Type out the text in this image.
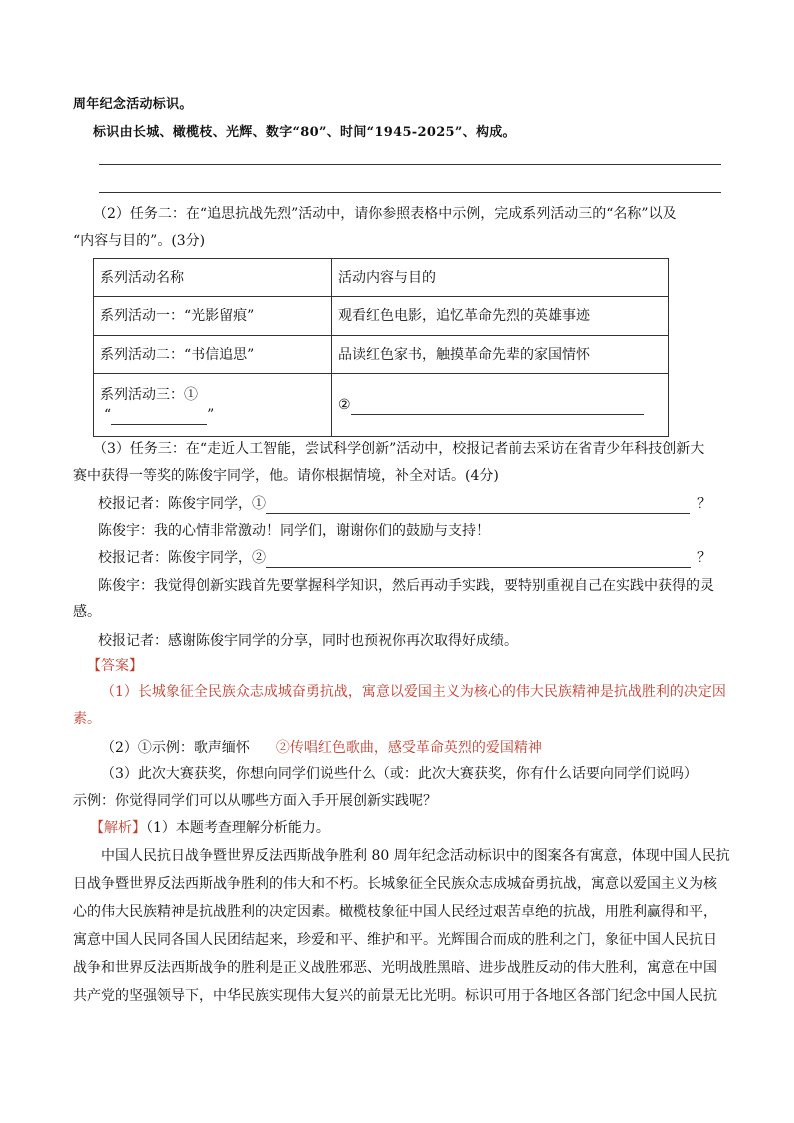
周年纪念活动标识。
标识由长城、橄榄枝、光辉、数字“80”、时间“1945-2025”、构成。
（2）任务二：在“追思抗战先烈”活动中，请你参照表格中示例，完成系列活动三的“名称”以及
“内容与目的”。(3分)
系列活动名称	活动内容与目的
系列活动一：“光影留痕”	观看红色电影，追忆革命先烈的英雄事迹
系列活动二：“书信追思”	品读红色家书，触摸革命先辈的家国情怀
系列活动三：①
“ ”	②
（3）任务三：在“走近人工智能，尝试科学创新”活动中，校报记者前去采访在省青少年科技创新大
赛中获得一等奖的陈俊宇同学，他。请你根据情境，补全对话。(4分)
校报记者：陈俊宇同学，①	？
陈俊宇：我的心情非常激动！同学们，谢谢你们的鼓励与支持！
校报记者：陈俊宇同学，②	？
陈俊宇：我觉得创新实践首先要掌握科学知识，然后再动手实践，要特别重视自己在实践中获得的灵
感。
校报记者：感谢陈俊宇同学的分享，同时也预祝你再次取得好成绩。
【答案】
（1）长城象征全民族众志成城奋勇抗战，寓意以爱国主义为核心的伟大民族精神是抗战胜利的决定因
素。
（2）①示例：歌声缅怀 ②传唱红色歌曲，感受革命英烈的爱国精神
（3）此次大赛获奖，你想向同学们说些什么（或：此次大赛获奖，你有什么话要向同学们说吗）
示例：你觉得同学们可以从哪些方面入手开展创新实践呢？
【解析】（1）本题考查理解分析能力。
中国人民抗日战争暨世界反法西斯战争胜利 80 周年纪念活动标识中的图案各有寓意，体现中国人民抗
日战争暨世界反法西斯战争胜利的伟大和不朽。长城象征全民族众志成城奋勇抗战，寓意以爱国主义为核
心的伟大民族精神是抗战胜利的决定因素。橄榄枝象征中国人民经过艰苦卓绝的抗战，用胜利赢得和平，
寓意中国人民同各国人民团结起来，珍爱和平、维护和平。光辉围合而成的胜利之门，象征中国人民抗日
战争和世界反法西斯战争的胜利是正义战胜邪恶、光明战胜黑暗、进步战胜反动的伟大胜利，寓意在中国
共产党的坚强领导下，中华民族实现伟大复兴的前景无比光明。标识可用于各地区各部门纪念中国人民抗
